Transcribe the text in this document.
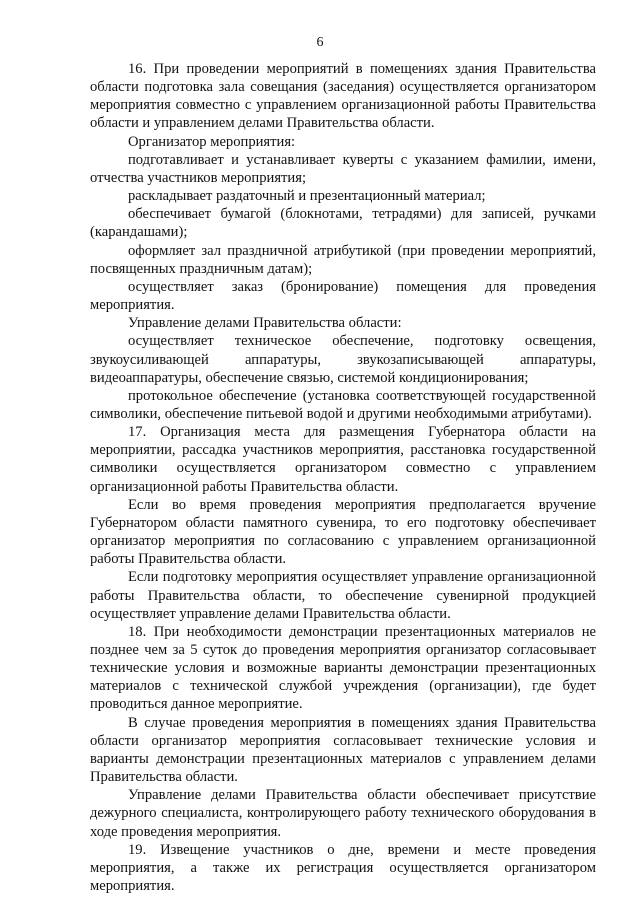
6

16. При проведении мероприятий в помещениях здания Правительства области подготовка зала совещания (заседания) осуществляется организатором мероприятия совместно с управлением организационной работы Правительства области и управлением делами Правительства области.

Организатор мероприятия:

подготавливает и устанавливает куверты с указанием фамилии, имени, отчества участников мероприятия;

раскладывает раздаточный и презентационный материал;

обеспечивает бумагой (блокнотами, тетрадями) для записей, ручками (карандашами);

оформляет зал праздничной атрибутикой (при проведении мероприятий, посвященных праздничным датам);

осуществляет заказ (бронирование) помещения для проведения мероприятия.

Управление делами Правительства области:

осуществляет техническое обеспечение, подготовку освещения, звукоусиливающей аппаратуры, звукозаписывающей аппаратуры, видеоаппаратуры, обеспечение связью, системой кондиционирования;

протокольное обеспечение (установка соответствующей государственной символики, обеспечение питьевой водой и другими необходимыми атрибутами).

17. Организация места для размещения Губернатора области на мероприятии, рассадка участников мероприятия, расстановка государственной символики осуществляется организатором совместно с управлением организационной работы Правительства области.

Если во время проведения мероприятия предполагается вручение Губернатором области памятного сувенира, то его подготовку обеспечивает организатор мероприятия по согласованию с управлением организационной работы Правительства области.

Если подготовку мероприятия осуществляет управление организационной работы Правительства области, то обеспечение сувенирной продукцией осуществляет управление делами Правительства области.

18. При необходимости демонстрации презентационных материалов не позднее чем за 5 суток до проведения мероприятия организатор согласовывает технические условия и возможные варианты демонстрации презентационных материалов с технической службой учреждения (организации), где будет проводиться данное мероприятие.

В случае проведения мероприятия в помещениях здания Правительства области организатор мероприятия согласовывает технические условия и варианты демонстрации презентационных материалов с управлением делами Правительства области.

Управление делами Правительства области обеспечивает присутствие дежурного специалиста, контролирующего работу технического оборудования в ходе проведения мероприятия.

19. Извещение участников о дне, времени и месте проведения мероприятия, а также их регистрация осуществляется организатором мероприятия.
